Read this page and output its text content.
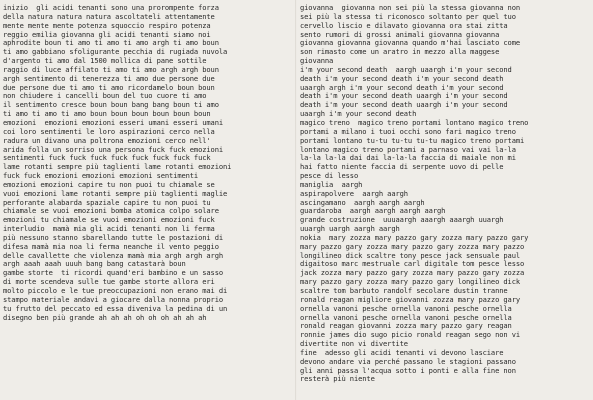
inizio  gli acidi tenanti sono una prorompente forza
della natura natura natura ascoltateli attentamente
mente mente mente potenza squoccio respiro potenza
reggio emilia giovanna gli acidi tenanti siamo noi
aphrodite boun ti amo ti amo ti amo argh ti amo boun
ti amo gabbiano sfoligurante pecchia di rugiada nuvola
d'argento ti amo dal 1500 mollica di pane sottile
raggio di luce affilato ti amo ti amo argh argh boun
argh sentimento di tenerezza ti amo due persone due
due persone due ti amo ti amo ricordamelo boun boun
non chiudere i cancelli boun del tuo cuore ti amo
il sentimento cresce boun boun bang bang boun ti amo
ti amo ti amo ti amo boun boun boun boun boun boun
emozioni  emozioni emozioni esseri umani esseri umani
coi loro sentimenti le loro aspirazioni cerco nella
radura un divano una poltrona emozioni cerco nell'
arida folla un sorriso una persona fuck fuck emozioni
sentimenti fuck fuck fuck fuck fuck fuck fuck fuck
lame rotanti sempre più taglienti lame rotanti emozioni
fuck fuck emozioni emozioni emozioni sentimenti
emozioni emozioni capire tu non puoi tu chiamale se
vuoi emozioni lame rotanti sempre più taglienti maglie
perforante alabarda spaziale capire tu non puoi tu
chiamale se vuoi emozioni bomba atomica colpo solare
emozioni tu chiamale se vuoi emozioni emozioni fuck
interludio  mamà mia gli acidi tenanti non li ferma
più nessuno stanno sbarellando tutte le postazioni di
difesa mamà mia noa li ferma neanche il vento peggio
delle cavallette che violenza mamà mia argh argh argh
argh aaah aaah uuuh bang bang catastarà boun
gambe storte  ti ricordi quand'eri bambino e un sasso
di morte scendeva sulle tue gambe storte allora eri
molto piccolo e le tue preoccupazioni non erano mai di
stampo materiale andavi a giocare dalla nonna proprio
tu frutto del peccato ed essa diveniva la pedina di un
disegno ben più grande ah ah ah oh oh oh ah ah ah
giovanna  giovanna non sei più la stessa giovanna non
sei più la stessa ti riconosco soltanto per quel tuo
cervello liscio e dilavato giovanna ora stai zitta
sento rumori di grossi animali giovanna giovanna
giovanna giovanna giovanna quando m'hai lasciato come
son rimasto come un aratro in mezzo alla maggese
giovanna
i'm your second death  aargh uaargh i'm your second
death i'm your second death i'm your second death
uaargh argh i'm your second death i'm your second
death i'm your second death uaargh i'm your second
death i'm your second death uaargh i'm your second
uaargh i'm your second death
magico treno  magico treno portami lontano magico treno
portami a milano i tuoi occhi sono fari magico treno
portami lontano tu-tu tu-tu tu-tu magico treno portami
lontano magico treno portami a parnaso vai vai la-la
la-la la-la dai dai la-la-la faccia di maiale non mi
hai fatto niente faccia di serpente uovo di pelle
pesce di lesso
maniglia  aargh
aspirapolvere  aargh aargh
ascingamano  aargh aargh aargh
guardaroba  aargh aargh aargh aargh
grande costruzione  uuuaargh aaargh aaargh uuargh
uuargh uargh aargh aargh
nokia  mary zozza mary pazzo gary zozza mary pazzo gary
mary pazzo gary zozza mary pazzo gary zozza mary pazzo
longilineo dick scaltre tony pesce jack sensuale paul
digaitoso marc mestruale carl digitale tom pesce lesso
jack zozza mary pazzo gary zozza mary pazzo gary zozza
mary pazzo gary zozza mary pazzo gary longilineo dick
scaltre tom barbuto randolf secolare dustin tranne
ronald reagan migliore giovanni zozza mary pazzo gary
ornella vanoni pesche ornella vanoni pesche ornella
ornella vanoni pesche ornella vanoni pesche ornella
ronald reagan giovanni zozza mary pazzo gary reagan
ronnie james dio sugo picio ronald reagan sego non vi
divertite non vi divertite
fine  adesso gli acidi tenanti vi devono lasciare
devono andare via perché passano le stagioni passano
gli anni passa l'acqua sotto i ponti e alla fine non
resterà più niente
